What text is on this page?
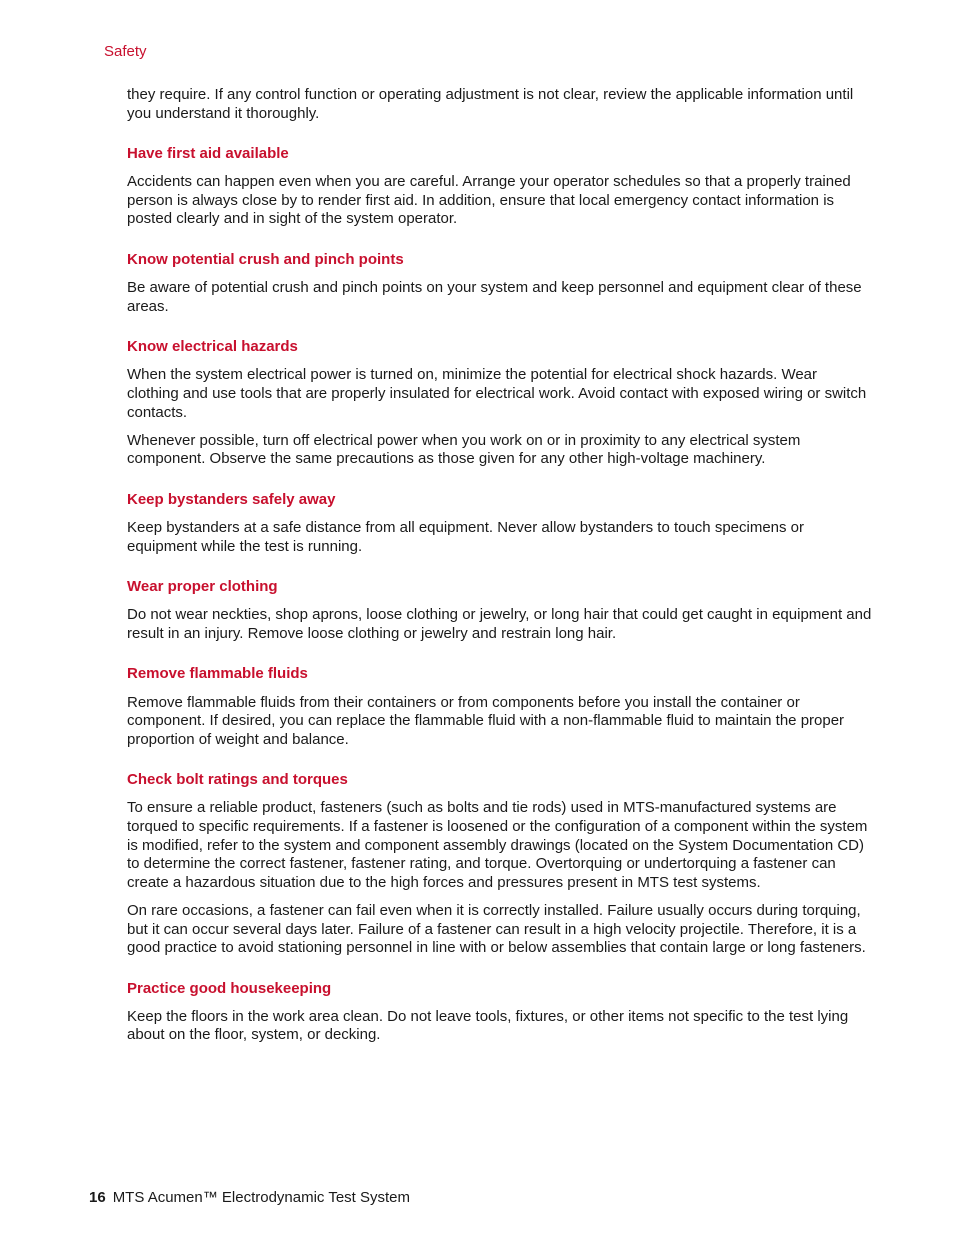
Safety

they require. If any control function or operating adjustment is not clear, review the applicable information until you understand it thoroughly.

Have first aid available

Accidents can happen even when you are careful. Arrange your operator schedules so that a properly trained person is always close by to render first aid. In addition, ensure that local emergency contact information is posted clearly and in sight of the system operator.

Know potential crush and pinch points

Be aware of potential crush and pinch points on your system and keep personnel and equipment clear of these areas.

Know electrical hazards

When the system electrical power is turned on, minimize the potential for electrical shock hazards. Wear clothing and use tools that are properly insulated for electrical work. Avoid contact with exposed wiring or switch contacts.

Whenever possible, turn off electrical power when you work on or in proximity to any electrical system component. Observe the same precautions as those given for any other high-voltage machinery.

Keep bystanders safely away

Keep bystanders at a safe distance from all equipment. Never allow bystanders to touch specimens or equipment while the test is running.

Wear proper clothing

Do not wear neckties, shop aprons, loose clothing or jewelry, or long hair that could get caught in equipment and result in an injury. Remove loose clothing or jewelry and restrain long hair.

Remove flammable fluids

Remove flammable fluids from their containers or from components before you install the container or component. If desired, you can replace the flammable fluid with a non-flammable fluid to maintain the proper proportion of weight and balance.

Check bolt ratings and torques

To ensure a reliable product, fasteners (such as bolts and tie rods) used in MTS-manufactured systems are torqued to specific requirements. If a fastener is loosened or the configuration of a component within the system is modified, refer to the system and component assembly drawings (located on the System Documentation CD) to determine the correct fastener, fastener rating, and torque. Overtorquing or undertorquing a fastener can create a hazardous situation due to the high forces and pressures present in MTS test systems.

On rare occasions, a fastener can fail even when it is correctly installed. Failure usually occurs during torquing, but it can occur several days later. Failure of a fastener can result in a high velocity projectile. Therefore, it is a good practice to avoid stationing personnel in line with or below assemblies that contain large or long fasteners.

Practice good housekeeping

Keep the floors in the work area clean. Do not leave tools, fixtures, or other items not specific to the test lying about on the floor, system, or decking.

16 MTS Acumen™ Electrodynamic Test System
